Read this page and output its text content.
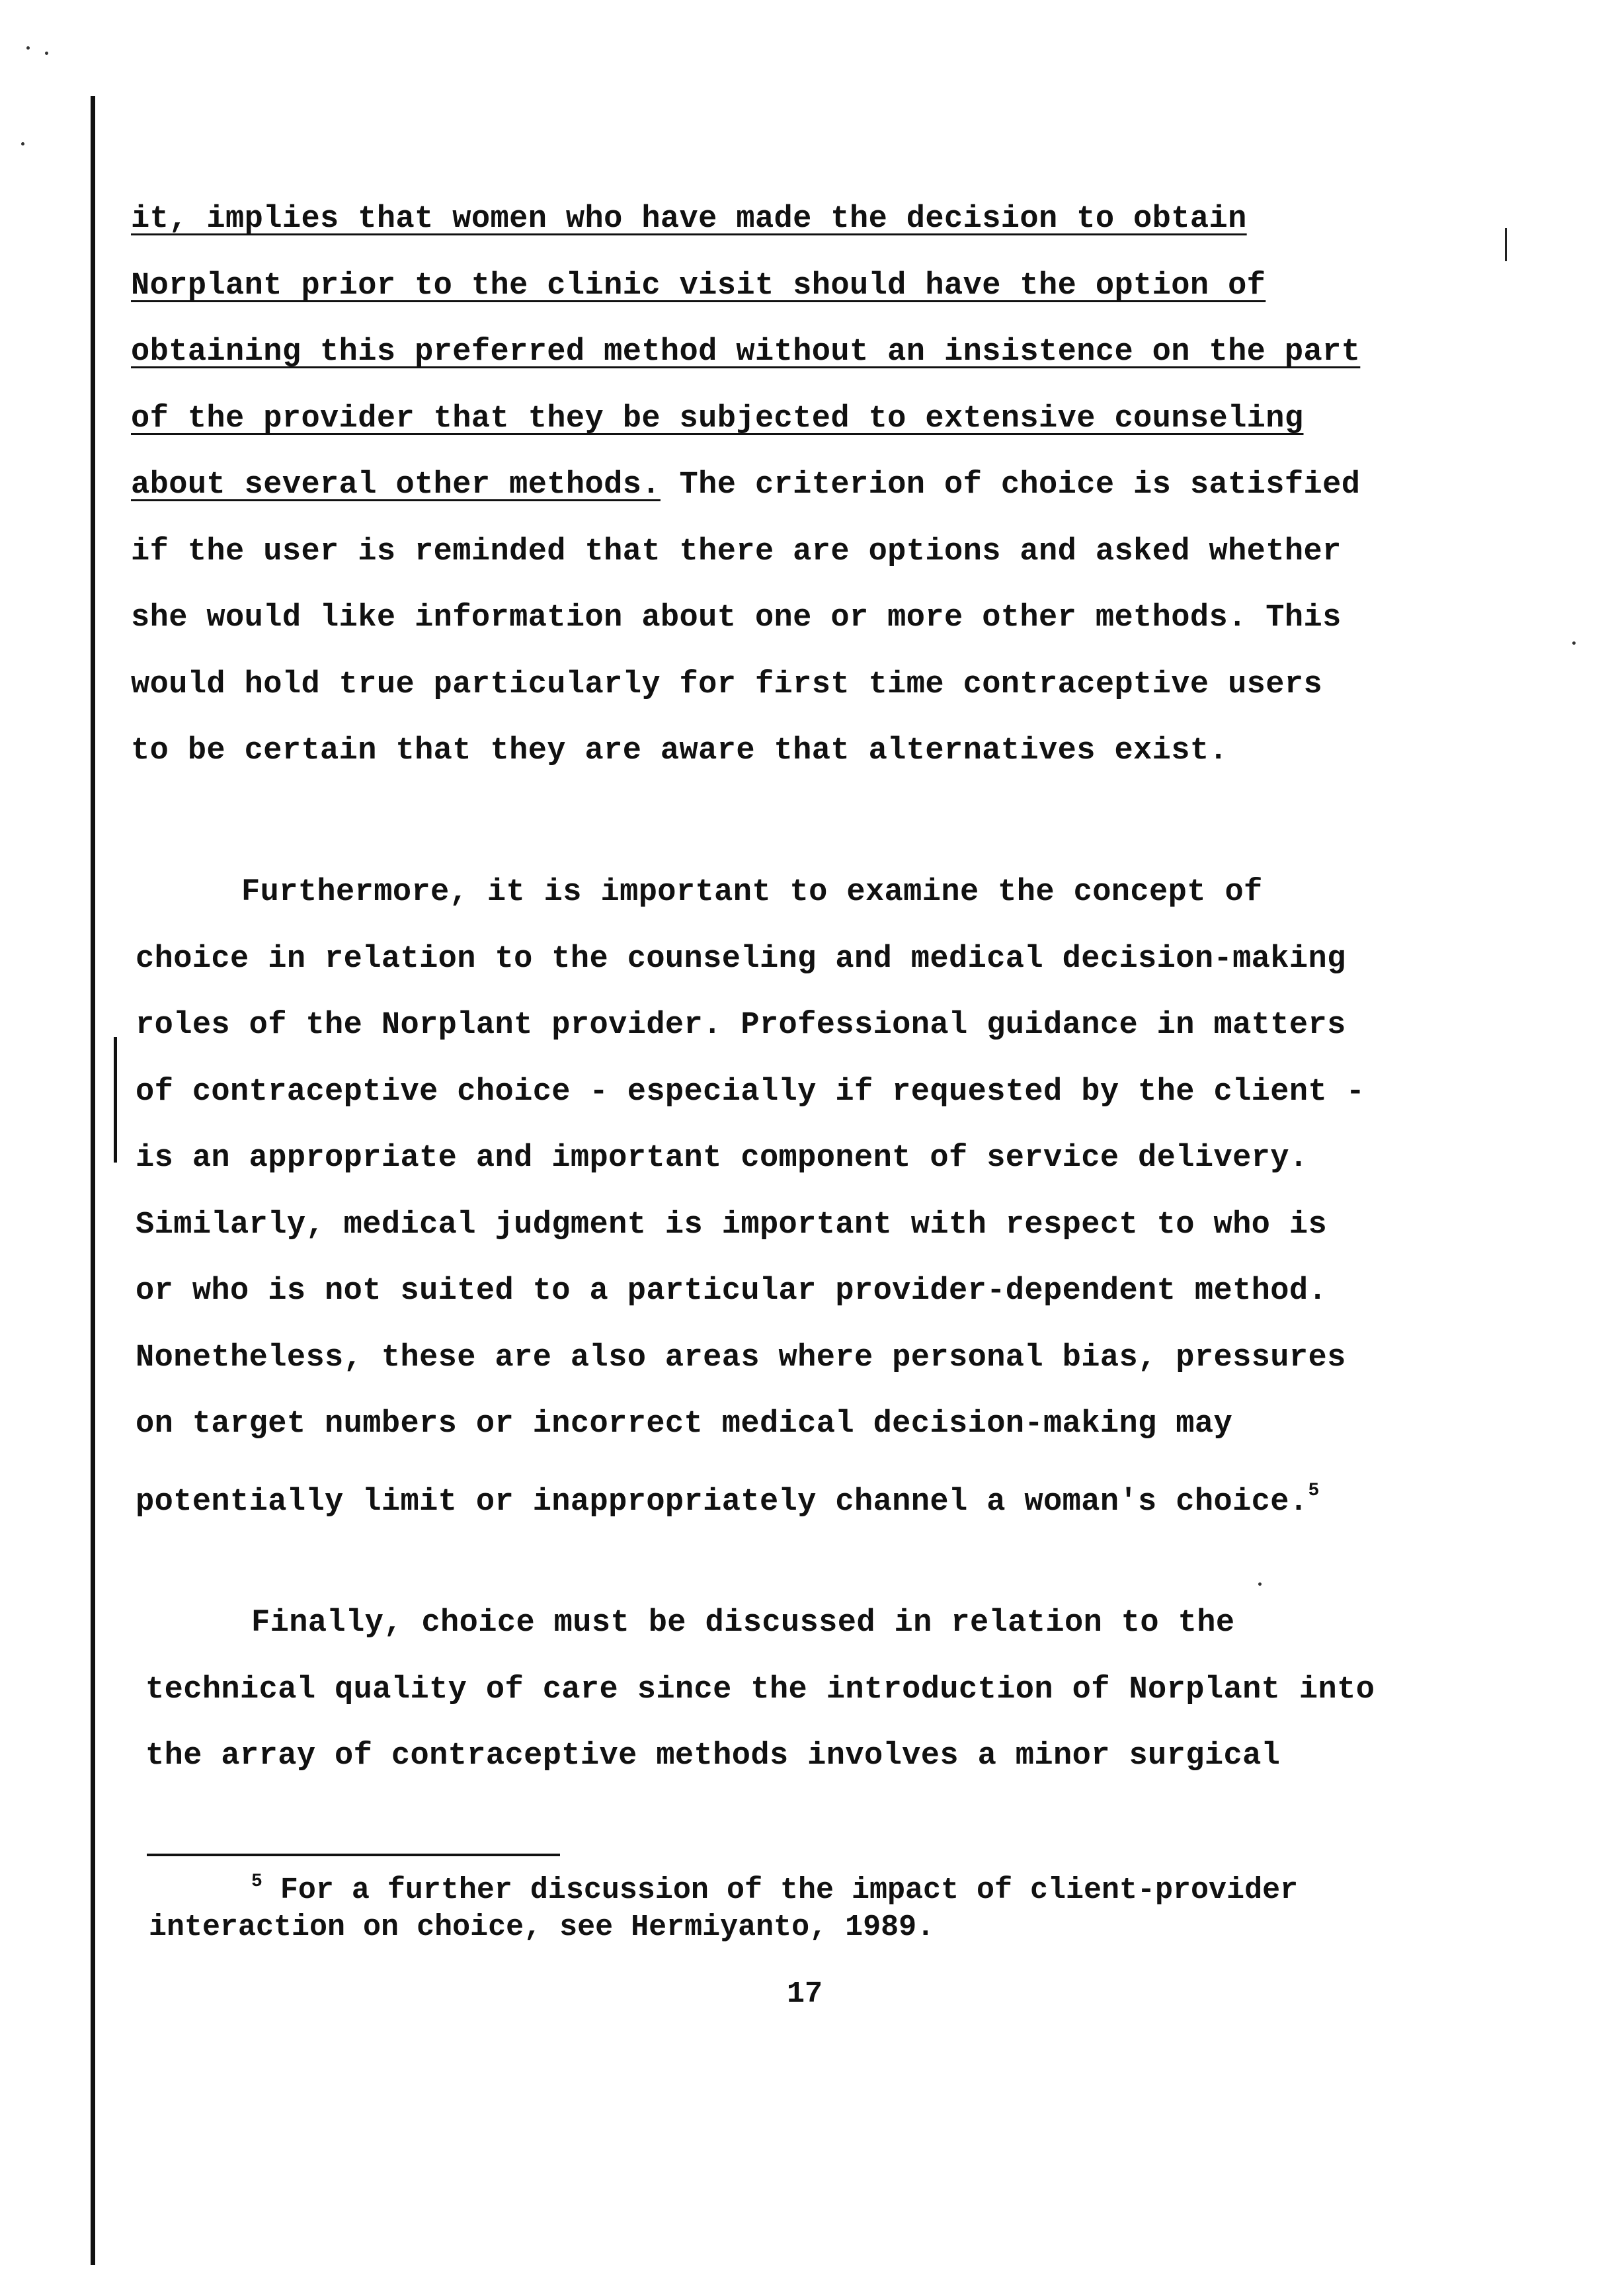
it, implies that women who have made the decision to obtain
Norplant prior to the clinic visit should have the option of
obtaining this preferred method without an insistence on the part
of the provider that they be subjected to extensive counseling
about several other methods. The criterion of choice is satisfied
if the user is reminded that there are options and asked whether
she would like information about one or more other methods. This
would hold true particularly for first time contraceptive users
to be certain that they are aware that alternatives exist.
Furthermore, it is important to examine the concept of
choice in relation to the counseling and medical decision-making
roles of the Norplant provider. Professional guidance in matters
of contraceptive choice - especially if requested by the client -
is an appropriate and important component of service delivery.
Similarly, medical judgment is important with respect to who is
or who is not suited to a particular provider-dependent method.
Nonetheless, these are also areas where personal bias, pressures
on target numbers or incorrect medical decision-making may
potentially limit or inappropriately channel a woman's choice.$^5$
Finally, choice must be discussed in relation to the
technical quality of care since the introduction of Norplant into
the array of contraceptive methods involves a minor surgical
$^5$ For a further discussion of the impact of client-provider
interaction on choice, see Hermiyanto, 1989.
17
